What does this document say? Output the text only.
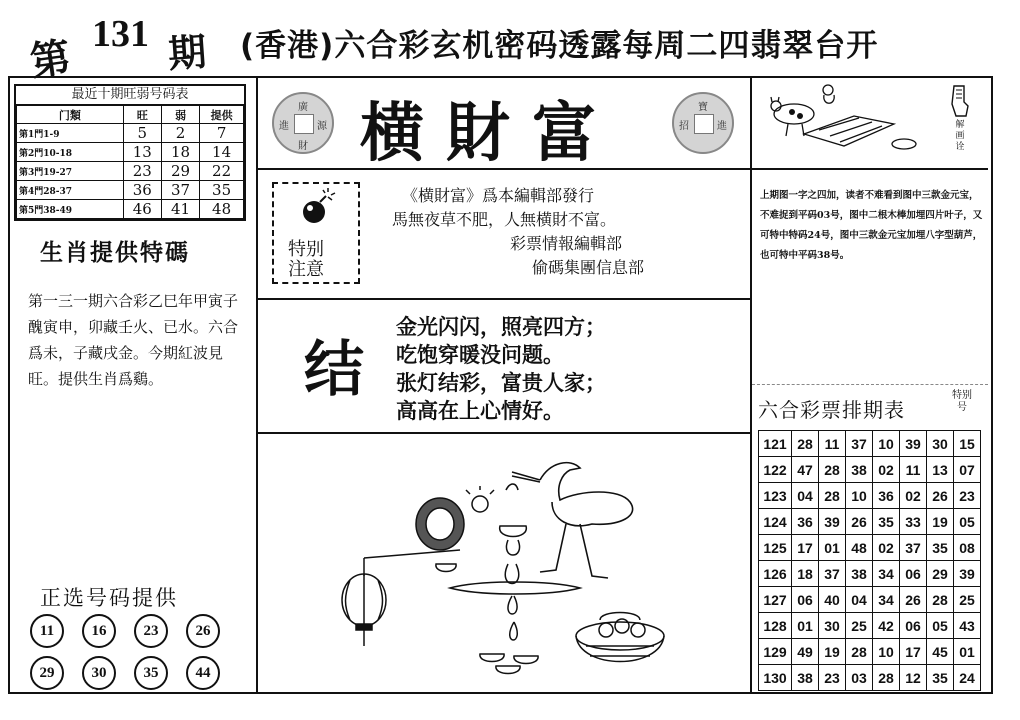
第
131 期 (香港)六合彩玄机密码透露每周二四翡翠台开
最近十期旺弱号码表
门類	旺	弱	提供
第1門1-9	5	2	7
第2門10-18	13	18	14
第3門19-27	23	29	22
第4門28-37	36	37	35
第5門38-49	46	41	48
生肖提供特碼
第一三一期六合彩乙巳年甲寅子醜寅申，卯藏壬火、已水。六合爲未，子藏戌金。今期紅波見旺。提供生肖爲鷄。
正选号码提供
11	16	23	26
29	30	35	44
廣
進	源
財 横財富	寶
招	進
特别
注意
《横財富》爲本編輯部發行
馬無夜草不肥，人無横財不富。
彩票情報編輯部
偷碼集團信息部
结
金光闪闪，照亮四方；
吃饱穿暖没问题。
张灯结彩，富贵人家；
高高在上心情好。
解画诠
上期图一字之四加，读者不难看到图中三款金元宝，不难捉到平码03号，图中二根木棒加埋四片叶子，又可特中特码24号，图中三款金元宝加埋八字型葫芦，也可特中平码38号。
六合彩票排期表
特别号
121	28	11	37	10	39	30	15
122	47	28	38	02	11	13	07
123	04	28	10	36	02	26	23
124	36	39	26	35	33	19	05
125	17	01	48	02	37	35	08
126	18	37	38	34	06	29	39
127	06	40	04	34	26	28	25
128	01	30	25	42	06	05	43
129	49	19	28	10	17	45	01
130	38	23	03	28	12	35	24
